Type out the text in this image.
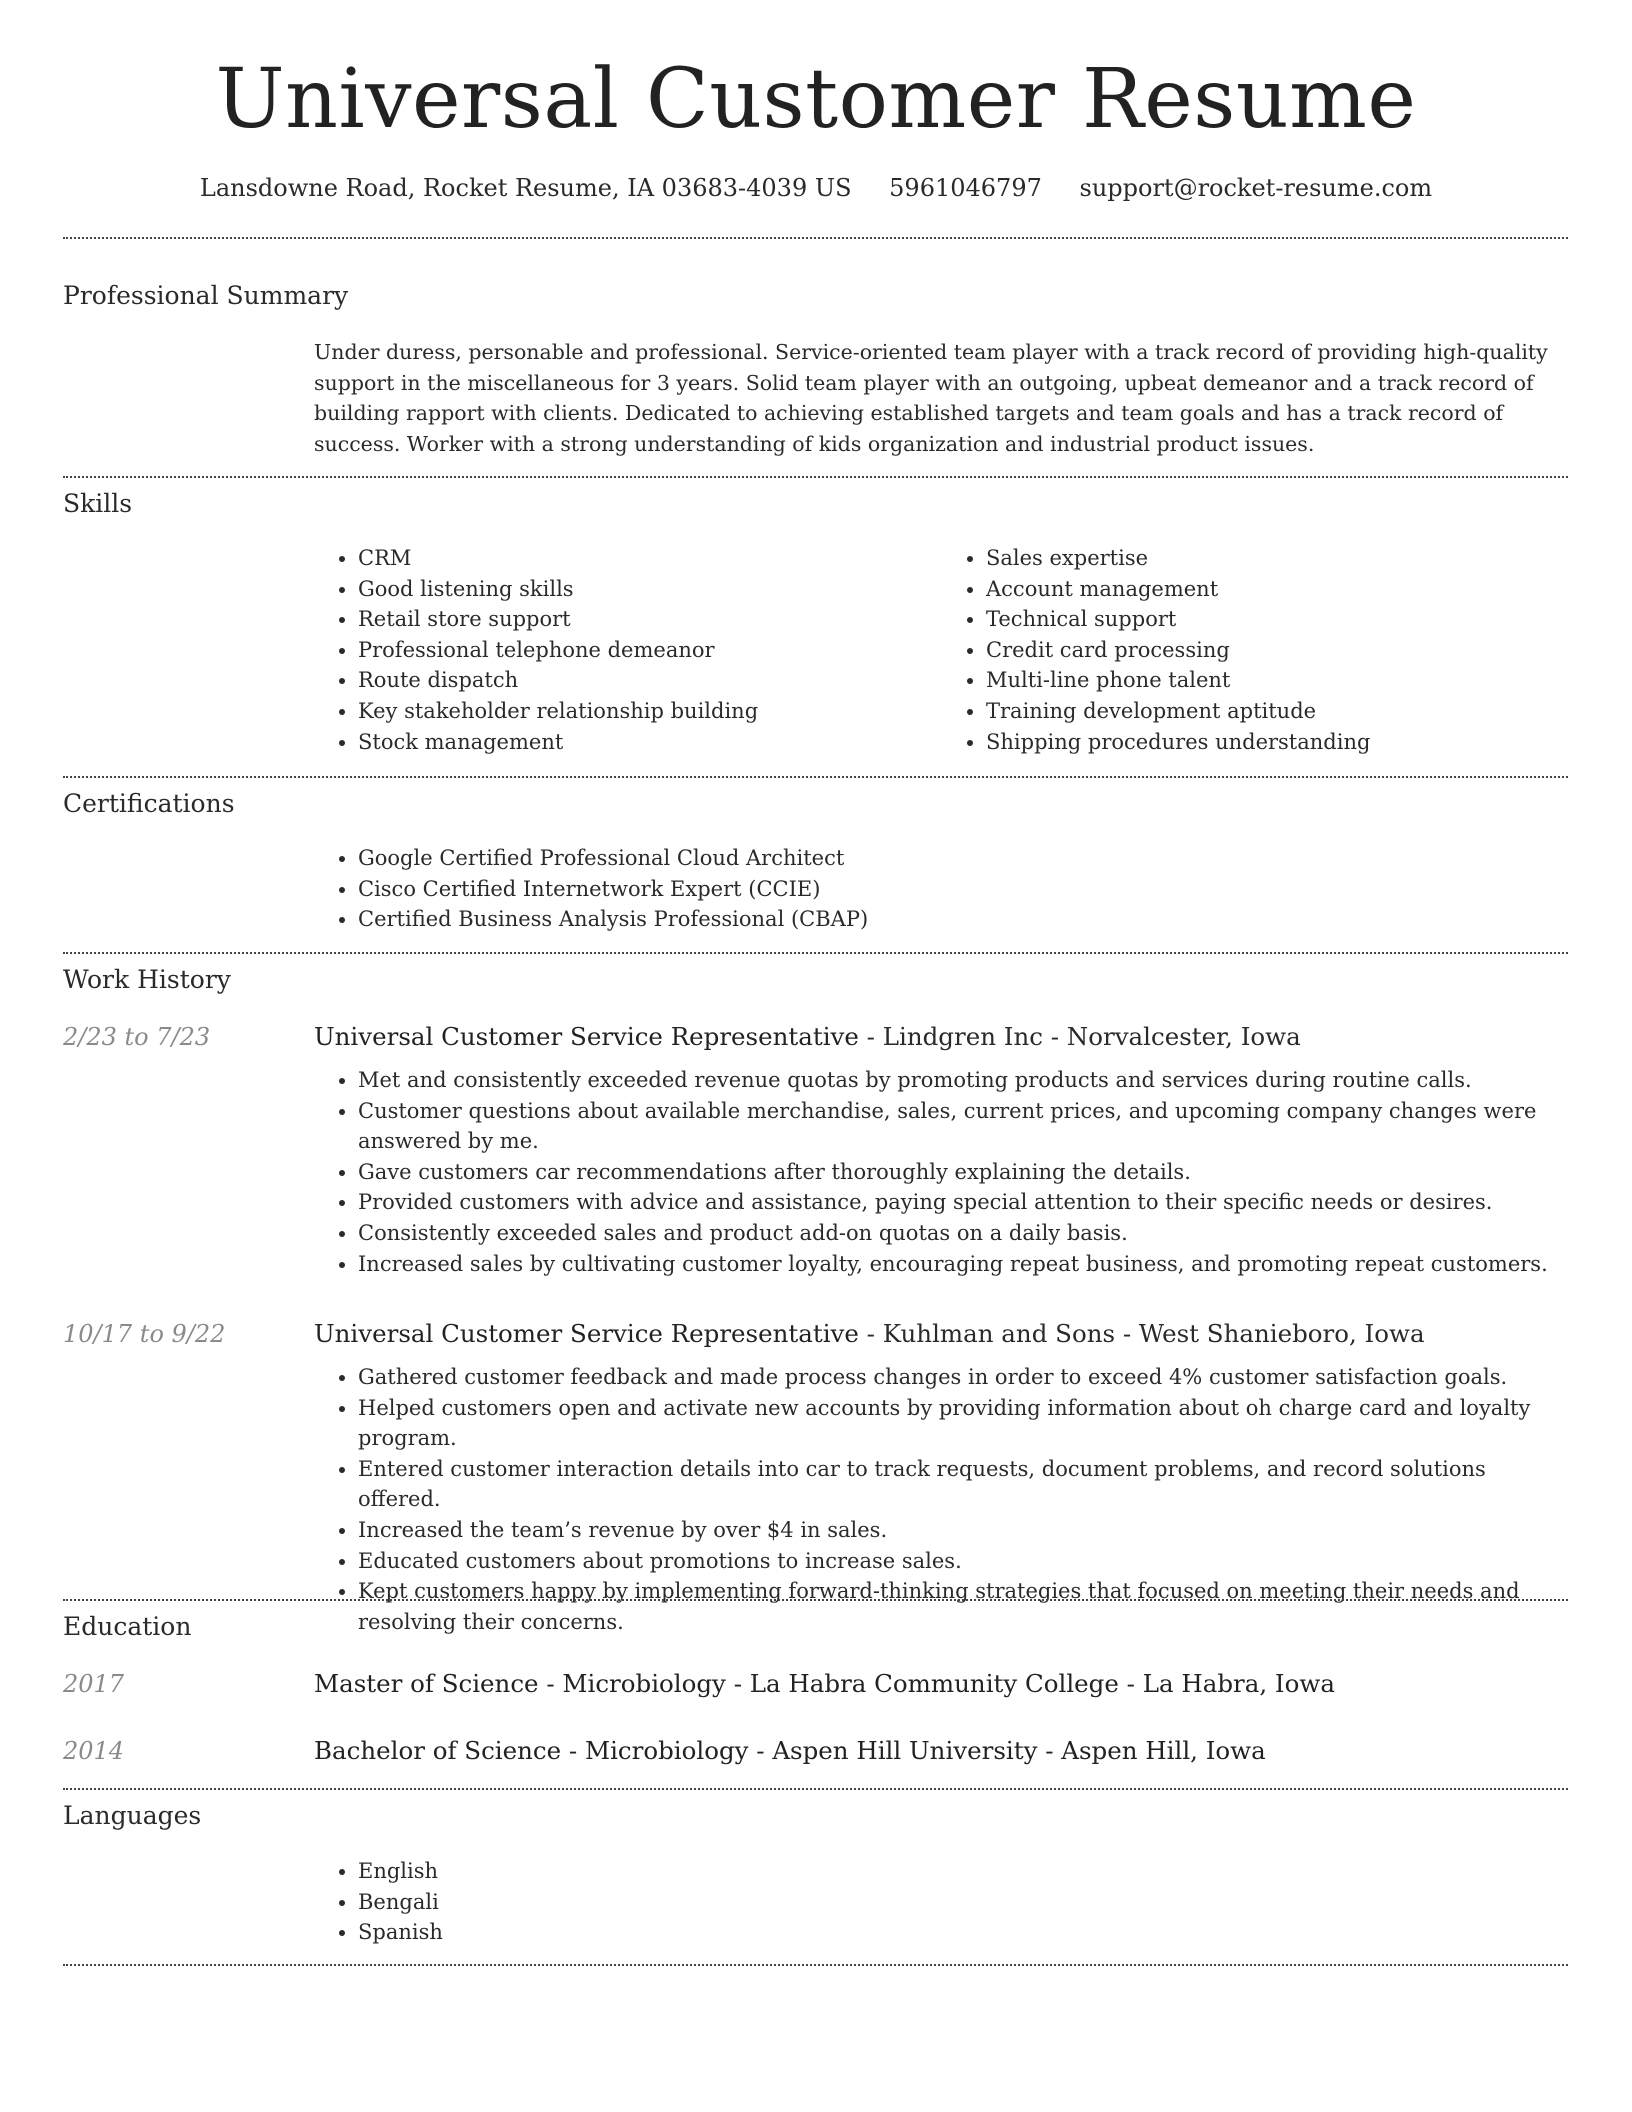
Universal Customer Resume
Lansdowne Road, Rocket Resume, IA 03683-4039 US 5961046797 support@rocket-resume.com
Professional Summary

Under duress, personable and professional. Service-oriented team player with a track record of providing high-quality support in the miscellaneous for 3 years. Solid team player with an outgoing, upbeat demeanor and a track record of building rapport with clients. Dedicated to achieving established targets and team goals and has a track record of success. Worker with a strong understanding of kids organization and industrial product issues.

Skills
• CRM
• Good listening skills
• Retail store support
• Professional telephone demeanor
• Route dispatch
• Key stakeholder relationship building
• Stock management
• Sales expertise
• Account management
• Technical support
• Credit card processing
• Multi-line phone talent
• Training development aptitude
• Shipping procedures understanding
Certifications
• Google Certified Professional Cloud Architect
• Cisco Certified Internetwork Expert (CCIE)
• Certified Business Analysis Professional (CBAP)
Work History
2/23 to 7/23	Universal Customer Service Representative - Lindgren Inc - Norvalcester, Iowa

• Met and consistently exceeded revenue quotas by promoting products and services during routine calls.
• Customer questions about available merchandise, sales, current prices, and upcoming company changes were answered by me.
• Gave customers car recommendations after thoroughly explaining the details.
• Provided customers with advice and assistance, paying special attention to their specific needs or desires.
• Consistently exceeded sales and product add-on quotas on a daily basis.
• Increased sales by cultivating customer loyalty, encouraging repeat business, and promoting repeat customers.
10/17 to 9/22	Universal Customer Service Representative - Kuhlman and Sons - West Shanieboro, Iowa

• Gathered customer feedback and made process changes in order to exceed 4% customer satisfaction goals.
• Helped customers open and activate new accounts by providing information about oh charge card and loyalty program.
• Entered customer interaction details into car to track requests, document problems, and record solutions offered.
• Increased the team’s revenue by over $4 in sales.
• Educated customers about promotions to increase sales.
• Kept customers happy by implementing forward-thinking strategies that focused on meeting their needs and resolving their concerns.
Education
2017	Master of Science - Microbiology - La Habra Community College - La Habra, Iowa
2014	Bachelor of Science - Microbiology - Aspen Hill University - Aspen Hill, Iowa
Languages
• English
• Bengali
• Spanish
